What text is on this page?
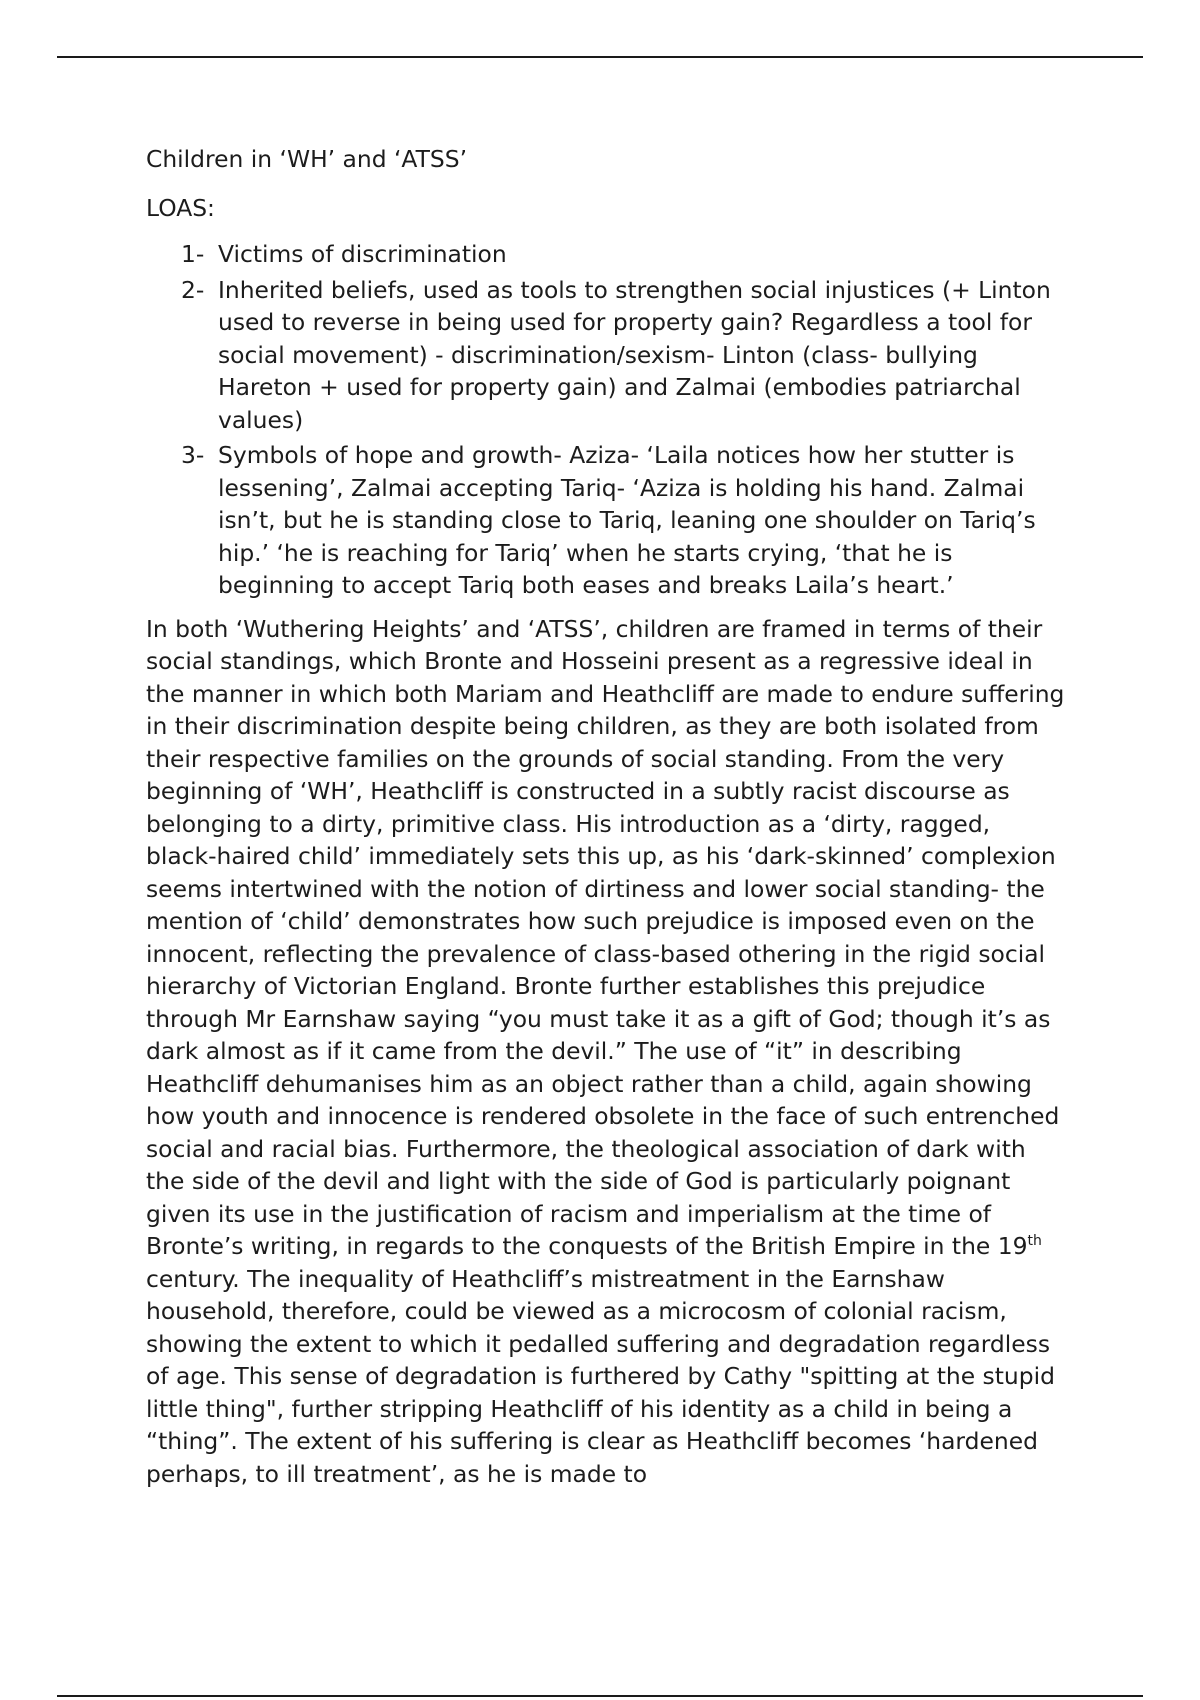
Children in ‘WH’ and ‘ATSS’

LOAS:

1- Victims of discrimination
2- Inherited beliefs, used as tools to strengthen social injustices (+ Linton used to reverse in being used for property gain? Regardless a tool for social movement) - discrimination/sexism- Linton (class- bullying Hareton + used for property gain) and Zalmai (embodies patriarchal values)
3- Symbols of hope and growth- Aziza- ‘Laila notices how her stutter is lessening’, Zalmai accepting Tariq- ‘Aziza is holding his hand. Zalmai isn’t, but he is standing close to Tariq, leaning one shoulder on Tariq’s hip.’ ‘he is reaching for Tariq’ when he starts crying, ‘that he is beginning to accept Tariq both eases and breaks Laila’s heart.’

In both ‘Wuthering Heights’ and ‘ATSS’, children are framed in terms of their social standings, which Bronte and Hosseini present as a regressive ideal in the manner in which both Mariam and Heathcliff are made to endure suffering in their discrimination despite being children, as they are both isolated from their respective families on the grounds of social standing. From the very beginning of ‘WH’, Heathcliff is constructed in a subtly racist discourse as belonging to a dirty, primitive class. His introduction as a ‘dirty, ragged, black-haired child’ immediately sets this up, as his ‘dark-skinned’ complexion seems intertwined with the notion of dirtiness and lower social standing- the mention of ‘child’ demonstrates how such prejudice is imposed even on the innocent, reflecting the prevalence of class-based othering in the rigid social hierarchy of Victorian England. Bronte further establishes this prejudice through Mr Earnshaw saying “you must take it as a gift of God; though it’s as dark almost as if it came from the devil.” The use of “it” in describing Heathcliff dehumanises him as an object rather than a child, again showing how youth and innocence is rendered obsolete in the face of such entrenched social and racial bias. Furthermore, the theological association of dark with the side of the devil and light with the side of God is particularly poignant given its use in the justification of racism and imperialism at the time of Bronte’s writing, in regards to the conquests of the British Empire in the 19th century. The inequality of Heathcliff’s mistreatment in the Earnshaw household, therefore, could be viewed as a microcosm of colonial racism, showing the extent to which it pedalled suffering and degradation regardless of age. This sense of degradation is furthered by Cathy "spitting at the stupid little thing", further stripping Heathcliff of his identity as a child in being a “thing”. The extent of his suffering is clear as Heathcliff becomes ‘hardened perhaps, to ill treatment’, as he is made to
